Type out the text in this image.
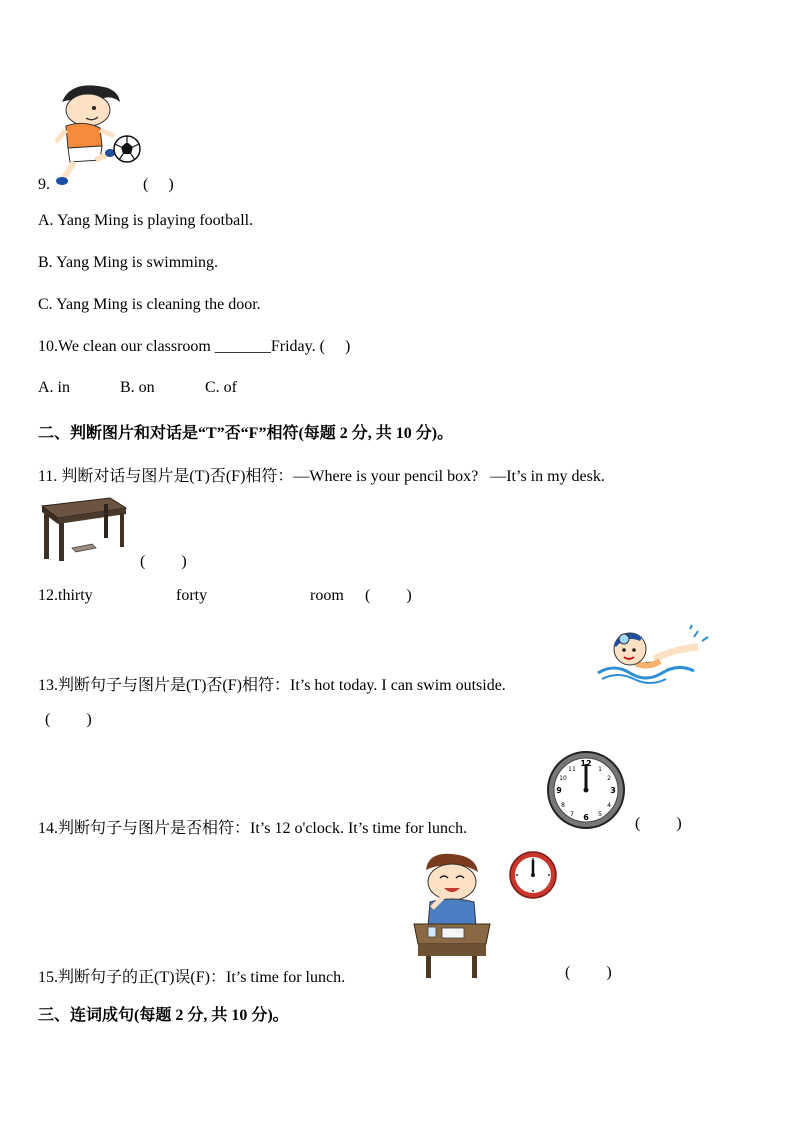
9.	(     )
A. Yang Ming is playing football.
B. Yang Ming is swimming.
C. Yang Ming is cleaning the door.
10.We clean our classroom _______Friday. (     )
A. in	B. on	C. of
二、判断图片和对话是“T”否“F”相符(每题 2 分, 共 10 分)。
11. 判断对话与图片是(T)否(F)相符：—Where is your pencil box?   —It’s in my desk.
(         )
12.thirty	forty	room (         )
13.判断句子与图片是(T)否(F)相符：It’s hot today. I can swim outside.
(         )
12
3
6
9
1
2
4
5
7
8
10
11
14.判断句子与图片是否相符：It’s 12 o'clock. It’s time for lunch.	(         )
15.判断句子的正(T)误(F)：It’s time for lunch.	(         )
三、连词成句(每题 2 分, 共 10 分)。
